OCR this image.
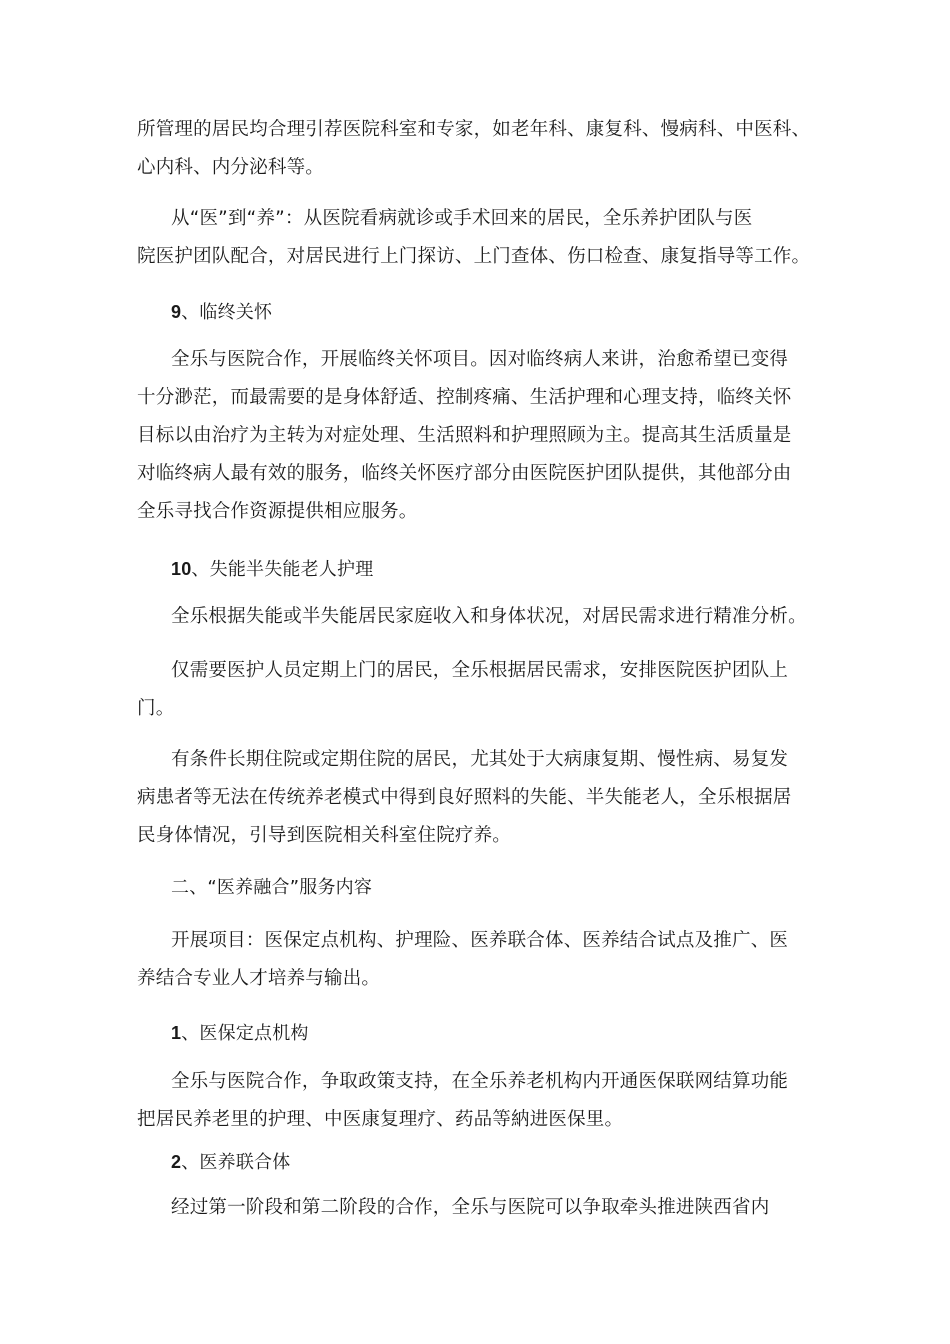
所管理的居民均合理引荐医院科室和专家，如老年科、康复科、慢病科、中医科、

心内科、内分泌科等。

从“医”到“养”：从医院看病就诊或手术回来的居民，全乐养护团队与医

院医护团队配合，对居民进行上门探访、上门查体、伤口检查、康复指导等工作。

9、临终关怀

全乐与医院合作，开展临终关怀项目。因对临终病人来讲，治愈希望已变得

十分渺茫，而最需要的是身体舒适、控制疼痛、生活护理和心理支持，临终关怀

目标以由治疗为主转为对症处理、生活照料和护理照顾为主。提高其生活质量是

对临终病人最有效的服务，临终关怀医疗部分由医院医护团队提供，其他部分由

全乐寻找合作资源提供相应服务。

10、失能半失能老人护理

全乐根据失能或半失能居民家庭收入和身体状况，对居民需求进行精准分析。

仅需要医护人员定期上门的居民，全乐根据居民需求，安排医院医护团队上

门。

有条件长期住院或定期住院的居民，尤其处于大病康复期、慢性病、易复发

病患者等无法在传统养老模式中得到良好照料的失能、半失能老人，全乐根据居

民身体情况，引导到医院相关科室住院疗养。

二、“医养融合”服务内容

开展项目：医保定点机构、护理险、医养联合体、医养结合试点及推广、医

养结合专业人才培养与输出。

1、医保定点机构

全乐与医院合作，争取政策支持，在全乐养老机构内开通医保联网结算功能

把居民养老里的护理、中医康复理疗、药品等納进医保里。

2、医养联合体

经过第一阶段和第二阶段的合作，全乐与医院可以争取牵头推进陕西省内
